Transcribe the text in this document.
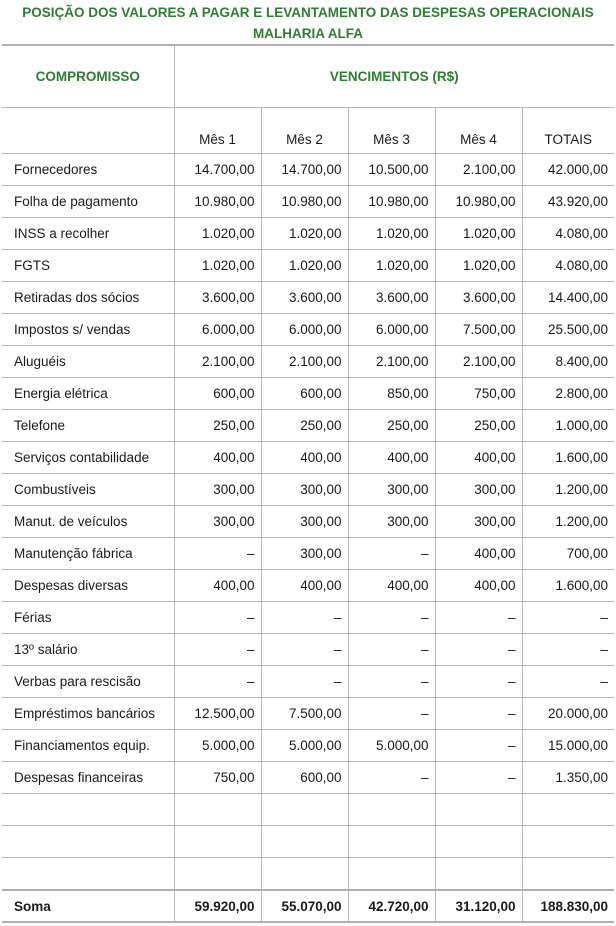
POSIÇÃO DOS VALORES A PAGAR E LEVANTAMENTO DAS DESPESAS OPERACIONAIS
MALHARIA ALFA
COMPROMISSO	VENCIMENTOS (R$)				
	Mês 1	Mês 2	Mês 3	Mês 4	TOTAIS
Fornecedores	14.700,00	14.700,00	10.500,00	2.100,00	42.000,00
Folha de pagamento	10.980,00	10.980,00	10.980,00	10.980,00	43.920,00
INSS a recolher	1.020,00	1.020,00	1.020,00	1.020,00	4.080,00
FGTS	1.020,00	1.020,00	1.020,00	1.020,00	4.080,00
Retiradas dos sócios	3.600,00	3.600,00	3.600,00	3.600,00	14.400,00
Impostos s/ vendas	6.000,00	6.000,00	6.000,00	7.500,00	25.500,00
Aluguéis	2.100,00	2.100,00	2.100,00	2.100,00	8.400,00
Energia elétrica	600,00	600,00	850,00	750,00	2.800,00
Telefone	250,00	250,00	250,00	250,00	1.000,00
Serviços contabilidade	400,00	400,00	400,00	400,00	1.600,00
Combustíveis	300,00	300,00	300,00	300,00	1.200,00
Manut. de veículos	300,00	300,00	300,00	300,00	1.200,00
Manutenção fábrica	–	300,00	–	400,00	700,00
Despesas diversas	400,00	400,00	400,00	400,00	1.600,00
Férias	–	–	–	–	–
13º salário	–	–	–	–	–
Verbas para rescisão	–	–	–	–	–
Empréstimos bancários	12.500,00	7.500,00	–	–	20.000,00
Financiamentos equip.	5.000,00	5.000,00	5.000,00	–	15.000,00
Despesas financeiras	750,00	600,00	–	–	1.350,00

Soma	59.920,00	55.070,00	42.720,00	31.120,00	188.830,00
